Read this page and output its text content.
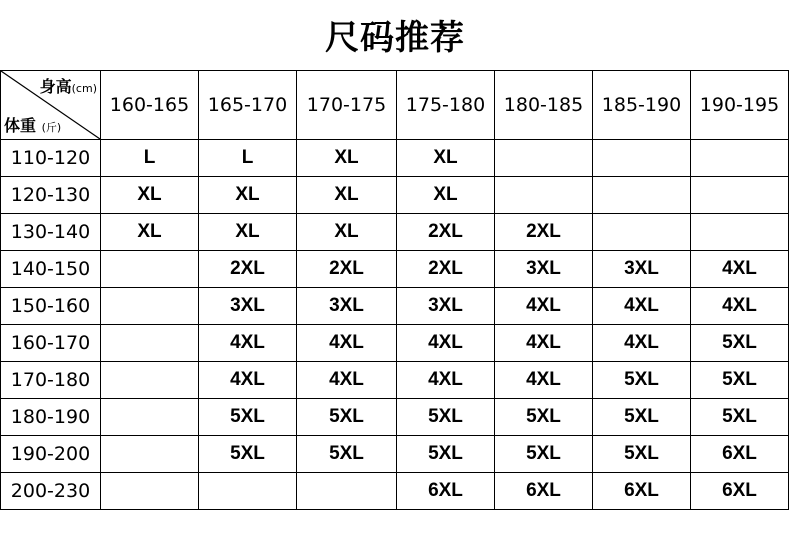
尺码推荐
身高(cm)
体重 (斤)	160-165	165-170	170-175	175-180	180-185	185-190	190-195
110-120	L	L	XL	XL			
120-130	XL	XL	XL	XL			
130-140	XL	XL	XL	2XL	2XL		
140-150		2XL	2XL	2XL	3XL	3XL	4XL
150-160		3XL	3XL	3XL	4XL	4XL	4XL
160-170		4XL	4XL	4XL	4XL	4XL	5XL
170-180		4XL	4XL	4XL	4XL	5XL	5XL
180-190		5XL	5XL	5XL	5XL	5XL	5XL
190-200		5XL	5XL	5XL	5XL	5XL	6XL
200-230				6XL	6XL	6XL	6XL
